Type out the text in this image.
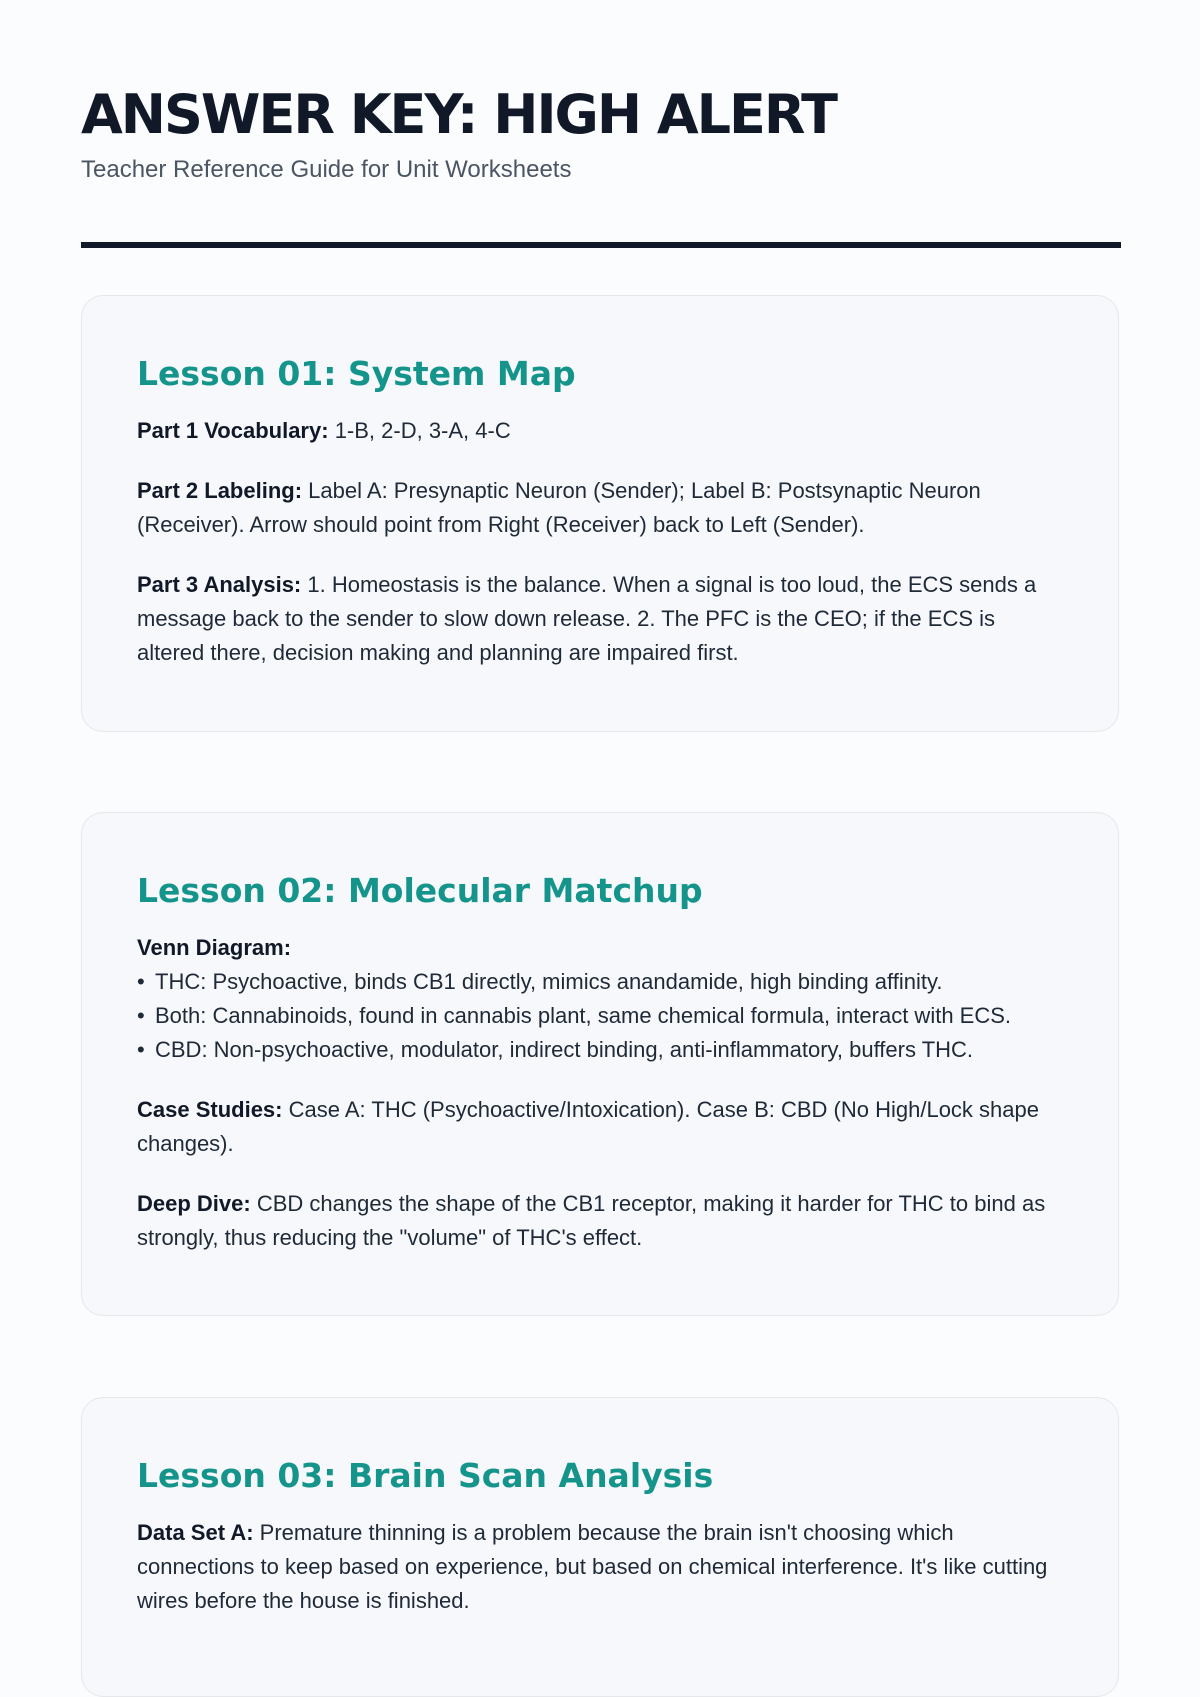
ANSWER KEY: HIGH ALERT

Teacher Reference Guide for Unit Worksheets

Lesson 01: System Map

Part 1 Vocabulary: 1-B, 2-D, 3-A, 4-C

Part 2 Labeling: Label A: Presynaptic Neuron (Sender); Label B: Postsynaptic Neuron (Receiver). Arrow should point from Right (Receiver) back to Left (Sender).

Part 3 Analysis: 1. Homeostasis is the balance. When a signal is too loud, the ECS sends a message back to the sender to slow down release. 2. The PFC is the CEO; if the ECS is altered there, decision making and planning are impaired first.

Lesson 02: Molecular Matchup
Venn Diagram:
• THC: Psychoactive, binds CB1 directly, mimics anandamide, high binding affinity.
• Both: Cannabinoids, found in cannabis plant, same chemical formula, interact with ECS.
• CBD: Non-psychoactive, modulator, indirect binding, anti-inflammatory, buffers THC.

Case Studies: Case A: THC (Psychoactive/Intoxication). Case B: CBD (No High/Lock shape changes).

Deep Dive: CBD changes the shape of the CB1 receptor, making it harder for THC to bind as strongly, thus reducing the "volume" of THC's effect.

Lesson 03: Brain Scan Analysis

Data Set A: Premature thinning is a problem because the brain isn't choosing which connections to keep based on experience, but based on chemical interference. It's like cutting wires before the house is finished.
